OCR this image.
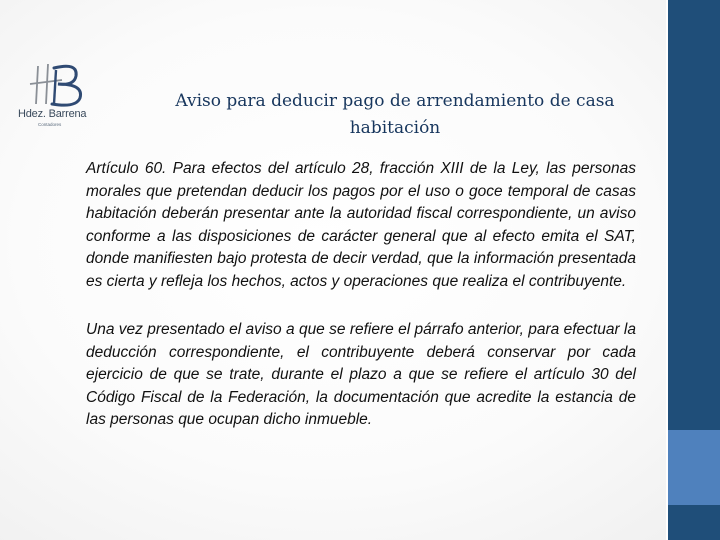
Hdez. Barrena
Contadores
Aviso para deducir pago de arrendamiento de casa habitación

Artículo 60. Para efectos del artículo 28, fracción XIII de la Ley, las personas morales que pretendan deducir los pagos por el uso o goce temporal de casas habitación deberán presentar ante la autoridad fiscal correspondiente, un aviso conforme a las disposiciones de carácter general que al efecto emita el SAT, donde manifiesten bajo protesta de decir verdad, que la información presentada es cierta y refleja los hechos, actos y operaciones que realiza el contribuyente.

Una vez presentado el aviso a que se refiere el párrafo anterior, para efectuar la deducción correspondiente, el contribuyente deberá conservar por cada ejercicio de que se trate, durante el plazo a que se refiere el artículo 30 del Código Fiscal de la Federación, la documentación que acredite la estancia de las personas que ocupan dicho inmueble.
